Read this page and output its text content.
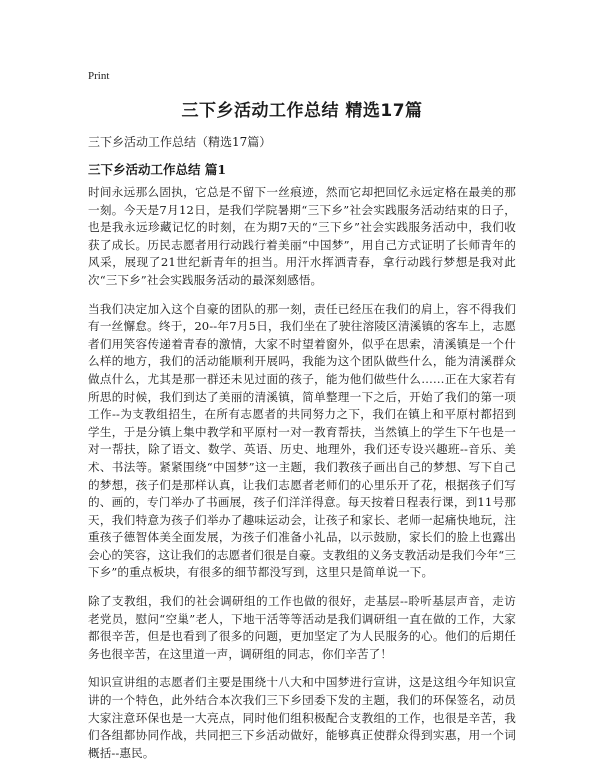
Print
三下乡活动工作总结 精选17篇
三下乡活动工作总结（精选17篇）
三下乡活动工作总结 篇1

时间永远那么固执，它总是不留下一丝痕迹，然而它却把回忆永远定格在最美的那一刻。今天是7月12日，是我们学院暑期“三下乡”社会实践服务活动结束的日子，也是我永远珍藏记忆的时刻，在为期7天的“三下乡”社会实践服务活动中，我们收获了成长。历民志愿者用行动践行着美丽“中国梦”，用自己方式证明了长师青年的风采，展现了21世纪新青年的担当。用汗水挥洒青春，拿行动践行梦想是我对此次“三下乡”社会实践服务活动的最深刻感悟。

当我们决定加入这个自豪的团队的那一刻，责任已经压在我们的肩上，容不得我们有一丝懈怠。终于，20--年7月5日，我们坐在了驶往溶陵区清溪镇的客车上，志愿者们用笑容传递着青春的激情，大家不时望着窗外，似乎在思索，清溪镇是一个什么样的地方，我们的活动能顺利开展吗，我能为这个团队做些什么，能为清溪群众做点什么，尤其是那一群还未见过面的孩子，能为他们做些什么……正在大家若有所思的时候，我们到达了美丽的清溪镇，简单整理一下之后，开始了我们的第一项工作--为支教组招生，在所有志愿者的共同努力之下，我们在镇上和平原村都招到学生，于是分镇上集中教学和平原村一对一教育帮扶，当然镇上的学生下午也是一对一帮扶，除了语文、数学、英语、历史、地理外，我们还专设兴趣班--音乐、美术、书法等。紧紧围绕“中国梦”这一主题，我们教孩子画出自己的梦想、写下自己的梦想，孩子们是那样认真，让我们志愿者老师们的心里乐开了花，根据孩子们写的、画的，专门举办了书画展，孩子们洋洋得意。每天按着日程表行课，到11号那天，我们特意为孩子们举办了趣味运动会，让孩子和家长、老师一起痛快地玩，注重孩子德智体美全面发展，为孩子们准备小礼品，以示鼓励，家长们的脸上也露出会心的笑容，这让我们的志愿者们很是自豪。支教组的义务支教活动是我们今年“三下乡”的重点板块，有很多的细节都没写到，这里只是简单说一下。

除了支教组，我们的社会调研组的工作也做的很好，走基层--聆听基层声音，走访老党员，慰问“空巢”老人，下地干活等等活动是我们调研组一直在做的工作，大家都很辛苦，但是也看到了很多的问题，更加坚定了为人民服务的心。他们的后期任务也很辛苦，在这里道一声，调研组的同志，你们辛苦了！

知识宣讲组的志愿者们主要是围绕十八大和中国梦进行宣讲，这是这组今年知识宣讲的一个特色，此外结合本次我们三下乡団委下发的主题，我们的环保签名，动员大家注意环保也是一大亮点，同时他们组积极配合支教组的工作，也很是辛苦，我们各组都协同作战，共同把三下乡活动做好，能够真正使群众得到实惠，用一个词概括--惠民。
